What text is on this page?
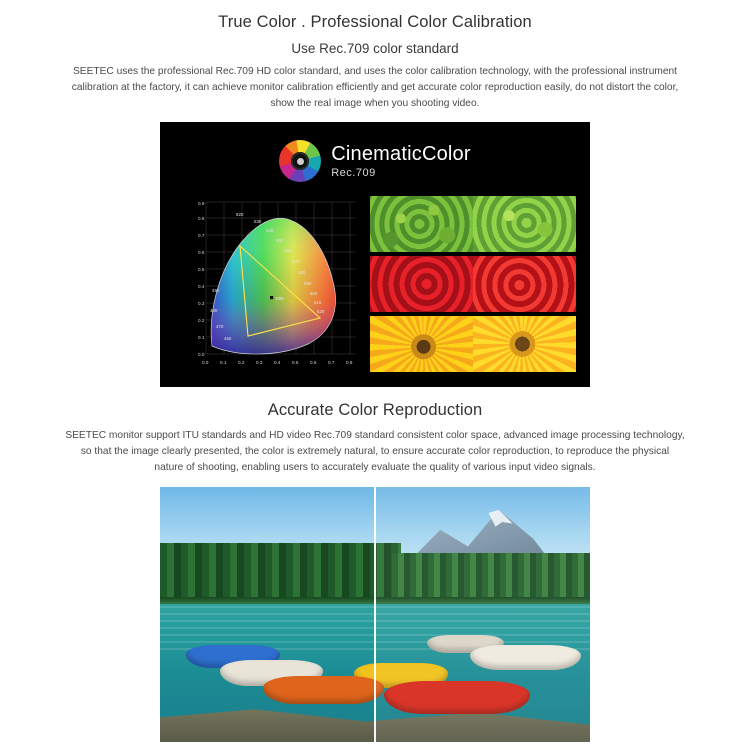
True Color . Professional Color Calibration
Use Rec.709 color standard

SEETEC uses the professional Rec.709 HD color standard, and uses the color calibration technology, with the professional instrument calibration at the factory, it can achieve monitor calibration efficiently and get accurate color reproduction easily, do not distort the color, show the real image when you shooting video.

CinematicColor
Rec.709
D65
520
530
540
550
560
570
580
590
600
610
620
490
480
470
460
0.0
0.1
0.2
0.3
0.4
0.5
0.6
0.7
0.8
0.9
0.0	0.1	0.2	0.3	0.4	0.5	0.6	0.7	0.8
Accurate Color Reproduction

SEETEC monitor support ITU standards and HD video Rec.709 standard consistent color space, advanced image processing technology, so that the image clearly presented, the color is extremely natural, to ensure accurate color reproduction, to reproduce the physical nature of shooting, enabling users to accurately evaluate the quality of various input video signals.
